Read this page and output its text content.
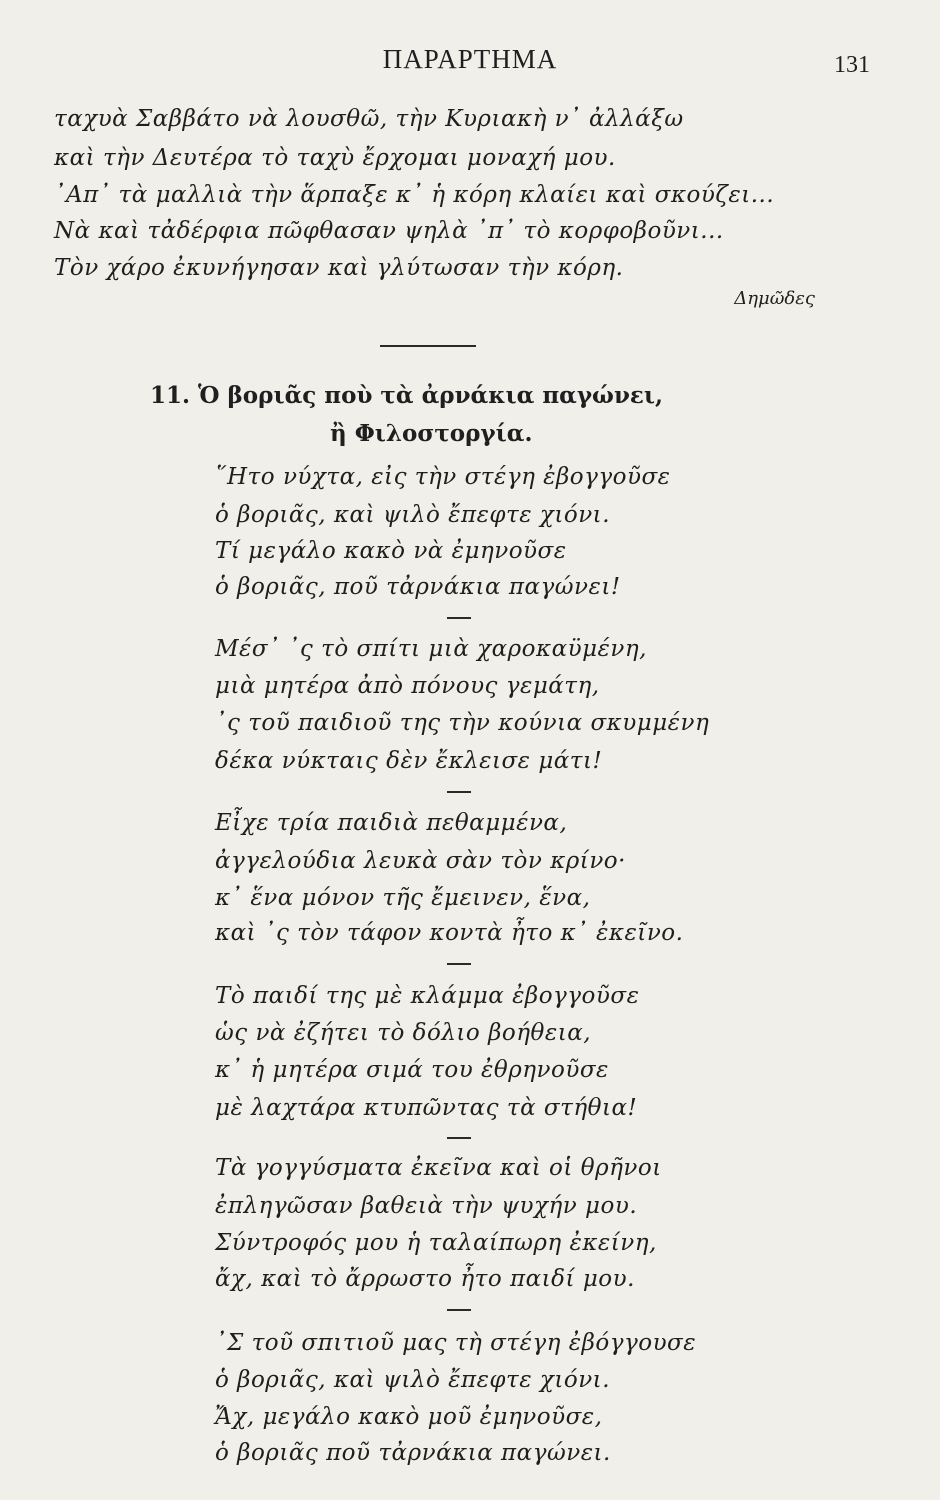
ΠΑΡΑΡΤΗΜΑ	131
ταχυὰ Σαββάτο νὰ λουσθῶ, τὴν Κυριακὴ ν᾿ ἀλλάξω
καὶ τὴν Δευτέρα τὸ ταχὺ ἔρχομαι μοναχή μου.
᾿Απ᾿ τὰ μαλλιὰ τὴν ἅρπαξε κ᾿ ἡ κόρη κλαίει καὶ σκούζει...
Νὰ καὶ τἀδέρφια πῶφθασαν ψηλὰ ᾿π᾿ τὸ κορφοβοῦνι...
Τὸν χάρο ἐκυνήγησαν καὶ γλύτωσαν τὴν κόρη.
Δημῶδες
11. Ὁ βοριᾶς ποὺ τὰ ἀρνάκια παγώνει,
ἢ Φιλοστοργία.
῞Ητο νύχτα, εἰς τὴν στέγη ἐβογγοῦσε
ὁ βοριᾶς, καὶ ψιλὸ ἔπεφτε χιόνι.
Τί μεγάλο κακὸ νὰ ἐμηνοῦσε
ὁ βοριᾶς, ποῦ τἀρνάκια παγώνει!
Μέσ᾿ ᾿ς τὸ σπίτι μιὰ χαροκαϋμένη,
μιὰ μητέρα ἀπὸ πόνους γεμάτη,
᾿ς τοῦ παιδιοῦ της τὴν κούνια σκυμμένη
δέκα νύκταις δὲν ἔκλεισε μάτι!
Εἶχε τρία παιδιὰ πεθαμμένα,
ἀγγελούδια λευκὰ σὰν τὸν κρίνο·
κ᾿ ἕνα μόνον τῆς ἔμεινεν, ἕνα,
καὶ ᾿ς τὸν τάφον κοντὰ ἦτο κ᾿ ἐκεῖνο.
Τὸ παιδί της μὲ κλάμμα ἐβογγοῦσε
ὡς νὰ ἐζήτει τὸ δόλιο βοήθεια,
κ᾿ ἡ μητέρα σιμά του ἐθρηνοῦσε
μὲ λαχτάρα κτυπῶντας τὰ στήθια!
Τὰ γογγύσματα ἐκεῖνα καὶ οἱ θρῆνοι
ἐπληγῶσαν βαθειὰ τὴν ψυχήν μου.
Σύντροφός μου ἡ ταλαίπωρη ἐκείνη,
ἄχ, καὶ τὸ ἄρρωστο ἦτο παιδί μου.
᾿Σ τοῦ σπιτιοῦ μας τὴ στέγη ἐβόγγουσε
ὁ βοριᾶς, καὶ ψιλὸ ἔπεφτε χιόνι.
Ἄχ, μεγάλο κακὸ μοῦ ἐμηνοῦσε,
ὁ βοριᾶς ποῦ τἀρνάκια παγώνει.
